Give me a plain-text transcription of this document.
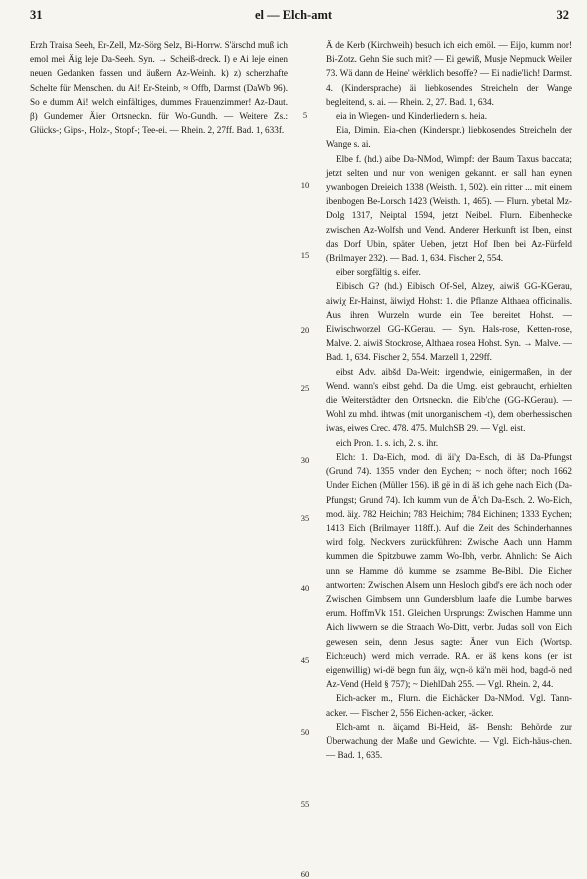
31	el — Elch-amt	32

Erzh Traisa Seeh, Er-Zell, Mz-Sörg Selz, Bi-Horrw. S'ärschd muß ich emol mei Äig leje Da-Seeh. Syn. → Scheiß-dreck. I) e Ai leje einen neuen Gedanken fassen und äußern Az-Weinh. k) z) scherzhafte Schelte für Menschen. du Ai! Er-Steinb, ≈ Offb, Darmst (DaWb 96). So e dumm Ai! welch einfältiges, dummes Frauenzimmer! Az-Daut. β) Gundemer Äier Ortsneckn. für Wo-Gundh. — Weitere Zs.: Glücks-; Gips-, Holz-, Stopf-; Tee-ei. — Rhein. 2, 27ff. Bad. 1, 633f.

5
10
15
20
25
30
35
40
45
50
55
60

Ä de Kerb (Kirchweih) besuch ich eich emöl. — Eijo, kumm nor! Bi-Zotz. Gehn Sie such mit? — Ei gewiß, Musje Nepmuck Weiler 73. Wä dann de Heine' wërklich besoffe? — Ei nadie'lich! Darmst. 4. (Kindersprache) äi liebkosendes Streicheln der Wange begleitend, s. ai. — Rhein. 2, 27. Bad. 1, 634.

eia in Wiegen- und Kinderliedern s. heia.

Eia, Dimin. Eia-chen (Kinderspr.) liebkosendes Streicheln der Wange s. ai.

Elbe f. (hd.) aibe Da-NMod, Wimpf: der Baum Taxus baccata; jetzt selten und nur von wenigen gekannt. er sall han eynen ywanbogen Dreieich 1338 (Weisth. 1, 502). ein ritter ... mit einem ibenbogen Be-Lorsch 1423 (Weisth. 1, 465). — Flurn. ybetal Mz-Dolg 1317, Neiptal 1594, jetzt Neibel. Flurn. Eibenhecke zwischen Az-Wolfsh und Vend. Anderer Herkunft ist Iben, einst das Dorf Ubin, später Ueben, jetzt Hof Iben bei Az-Fürfeld (Brilmayer 232). — Bad. 1, 634. Fischer 2, 554.

eiber sorgfältig s. eifer.

Eibisch G? (hd.) Eibisch Of-Sel, Alzey, aiwiš GG-KGerau, aiwiχ Er-Hainst, äiwiχd Hohst: 1. die Pflanze Althaea officinalis. Aus ihren Wurzeln wurde ein Tee bereitet Hohst. — Eiwischworzel GG-KGerau. — Syn. Hals-rose, Ketten-rose, Malve. 2. aiwiš Stockrose, Althaea rosea Hohst. Syn. → Malve. — Bad. 1, 634. Fischer 2, 554. Marzell 1, 229ff.

eibst Adv. aibšd Da-Weit: irgendwie, einigermaßen, in der Wend. wann's eibst gehd. Da die Umg. eist gebraucht, erhielten die Weiterstädter den Ortsneckn. die Eib'che (GG-KGerau). — Wohl zu mhd. ihtwas (mit unorganischem -t), dem oberhessischen iwas, eiwes Crec. 478. 475. MulchSB 29. — Vgl. eist.

eich Pron. 1. s. ich, 2. s. ihr.

Elch: 1. Da-Eich, mod. di äi'χ Da-Esch, di äš Da-Pfungst (Grund 74). 1355 vnder den Eychen; ~ noch öfter; noch 1662 Under Eichen (Müller 156). iß gë in di äš ich gehe nach Eich (Da-Pfungst; Grund 74). Ich kumm vun de Ä'ch Da-Esch. 2. Wo-Eich, mod. äiχ. 782 Heichin; 783 Heichim; 784 Eichinen; 1333 Eychen; 1413 Eich (Brilmayer 118ff.). Auf die Zeit des Schinderhannes wird folg. Neckvers zurückführen: Zwische Aach unn Hamm kummen die Spitzbuwe zamm Wo-Ibh, verbr. Ahnlich: Se Aich unn se Hamme dö kumme se zsamme Be-Bibl. Die Eicher antworten: Zwischen Alsem unn Hesloch gibd's ere äch noch oder Zwischen Gimbsem unn Gundersblum laafe die Lumbe barwes erum. HoffmVk 151. Gleichen Ursprungs: Zwischen Hamme unn Aich liwwern se die Straach Wo-Ditt, verbr. Judas soll von Eich gewesen sein, denn Jesus sagte: Äner vun Eich (Wortsp. Eich:euch) werd mich verrade. RA. er äš kens kons (er ist eigenwillig) wi-dë begn fun äiχ, wçn-ö kä'n mëi hod, bagd-ö ned Az-Vend (Held § 757); ~ DiehlDah 255. — Vgl. Rhein. 2, 44.

Eich-acker m., Flurn. die Eichäcker Da-NMod. Vgl. Tann-acker. — Fischer 2, 556 Eichen-acker, -äcker.

Elch-amt n. äiçamd Bi-Heid, äš- Bensh: Behörde zur Überwachung der Maße und Gewichte. — Vgl. Eich-häus-chen. — Bad. 1, 635.
